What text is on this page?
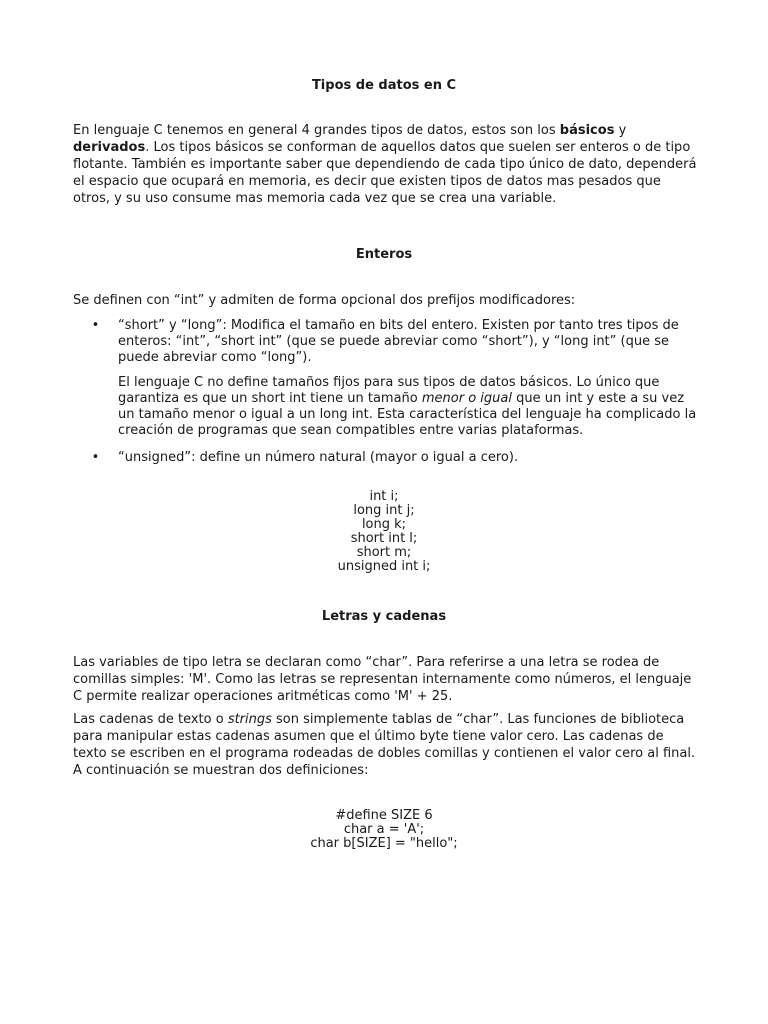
Tipos de datos en C

En lenguaje C tenemos en general 4 grandes tipos de datos, estos son los básicos y derivados. Los tipos básicos se conforman de aquellos datos que suelen ser enteros o de tipo flotante. También es importante saber que dependiendo de cada tipo único de dato, dependerá el espacio que ocupará en memoria, es decir que existen tipos de datos mas pesados que otros, y su uso consume mas memoria cada vez que se crea una variable.

Enteros

Se definen con “int” y admiten de forma opcional dos prefijos modificadores:

•	“short” y “long”: Modifica el tamaño en bits del entero. Existen por tanto tres tipos de enteros: “int”, “short int” (que se puede abreviar como “short”), y “long int” (que se puede abreviar como “long”).

El lenguaje C no define tamaños fijos para sus tipos de datos básicos. Lo único que garantiza es que un short int tiene un tamaño menor o igual que un int y este a su vez un tamaño menor o igual a un long int. Esta característica del lenguaje ha complicado la creación de programas que sean compatibles entre varias plataformas.

•	“unsigned”: define un número natural (mayor o igual a cero).
int i;
long int j;
long k;
short int l;
short m;
unsigned int i;
Letras y cadenas

Las variables de tipo letra se declaran como “char”. Para referirse a una letra se rodea de comillas simples: 'M'. Como las letras se representan internamente como números, el lenguaje C permite realizar operaciones aritméticas como 'M' + 25.

Las cadenas de texto o strings son simplemente tablas de “char”. Las funciones de biblioteca para manipular estas cadenas asumen que el último byte tiene valor cero. Las cadenas de texto se escriben en el programa rodeadas de dobles comillas y contienen el valor cero al final. A continuación se muestran dos definiciones:

#define SIZE 6
char a = 'A';
char b[SIZE] = "hello";
